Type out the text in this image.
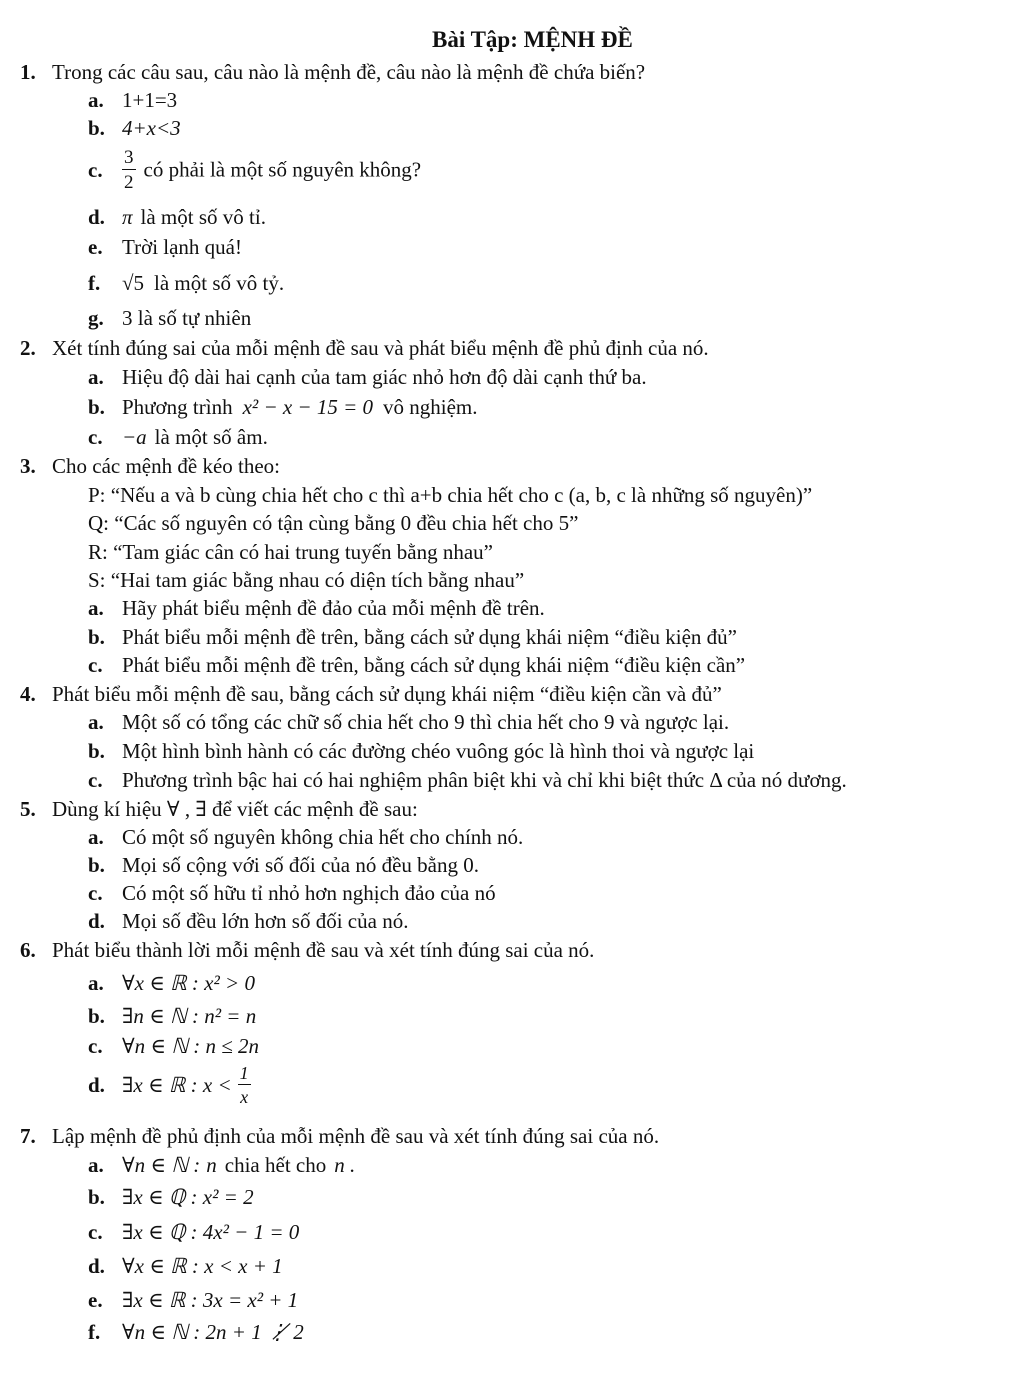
Bài Tập: MỆNH ĐỀ
1. Trong các câu sau, câu nào là mệnh đề, câu nào là mệnh đề chứa biến?
a. 1+1=3
b. 4+x<3
c. $\frac{3}{2}$ có phải là một số nguyên không?
d. π là một số vô tỉ.
e. Trời lạnh quá!
f. √5 là một số vô tỷ.
g. 3 là số tự nhiên
2. Xét tính đúng sai của mỗi mệnh đề sau và phát biểu mệnh đề phủ định của nó.
a. Hiệu độ dài hai cạnh của tam giác nhỏ hơn độ dài cạnh thứ ba.
b. Phương trình x² − x − 15 = 0 vô nghiệm.
c. −a là một số âm.
3. Cho các mệnh đề kéo theo:
P: “Nếu a và b cùng chia hết cho c thì a+b chia hết cho c (a, b, c là những số nguyên)”
Q: “Các số nguyên có tận cùng bằng 0 đều chia hết cho 5”
R: “Tam giác cân có hai trung tuyến bằng nhau”
S: “Hai tam giác bằng nhau có diện tích bằng nhau”
a. Hãy phát biểu mệnh đề đảo của mỗi mệnh đề trên.
b. Phát biểu mỗi mệnh đề trên, bằng cách sử dụng khái niệm “điều kiện đủ”
c. Phát biểu mỗi mệnh đề trên, bằng cách sử dụng khái niệm “điều kiện cần”
4. Phát biểu mỗi mệnh đề sau, bằng cách sử dụng khái niệm “điều kiện cần và đủ”
a. Một số có tổng các chữ số chia hết cho 9 thì chia hết cho 9 và ngược lại.
b. Một hình bình hành có các đường chéo vuông góc là hình thoi và ngược lại
c. Phương trình bậc hai có hai nghiệm phân biệt khi và chỉ khi biệt thức Δ của nó dương.
5. Dùng kí hiệu ∀ , ∃ để viết các mệnh đề sau:
a. Có một số nguyên không chia hết cho chính nó.
b. Mọi số cộng với số đối của nó đều bằng 0.
c. Có một số hữu tỉ nhỏ hơn nghịch đảo của nó
d. Mọi số đều lớn hơn số đối của nó.
6. Phát biểu thành lời mỗi mệnh đề sau và xét tính đúng sai của nó.
a. ∀x ∈ ℝ : x² > 0
b. ∃n ∈ ℕ : n² = n
c. ∀n ∈ ℕ : n ≤ 2n
d. ∃x ∈ ℝ : $x < \frac{1}{x}$
7. Lập mệnh đề phủ định của mỗi mệnh đề sau và xét tính đúng sai của nó.
a. ∀n ∈ ℕ : n chia hết cho n .
b. ∃x ∈ ℚ : x² = 2
c. ∃x ∈ ℚ : 4x² − 1 = 0
d. ∀x ∈ ℝ : x < x + 1
e. ∃x ∈ ℝ : 3x = x² + 1
f. ∀n ∈ ℕ : 2n + 1 ⋮̸ 2
